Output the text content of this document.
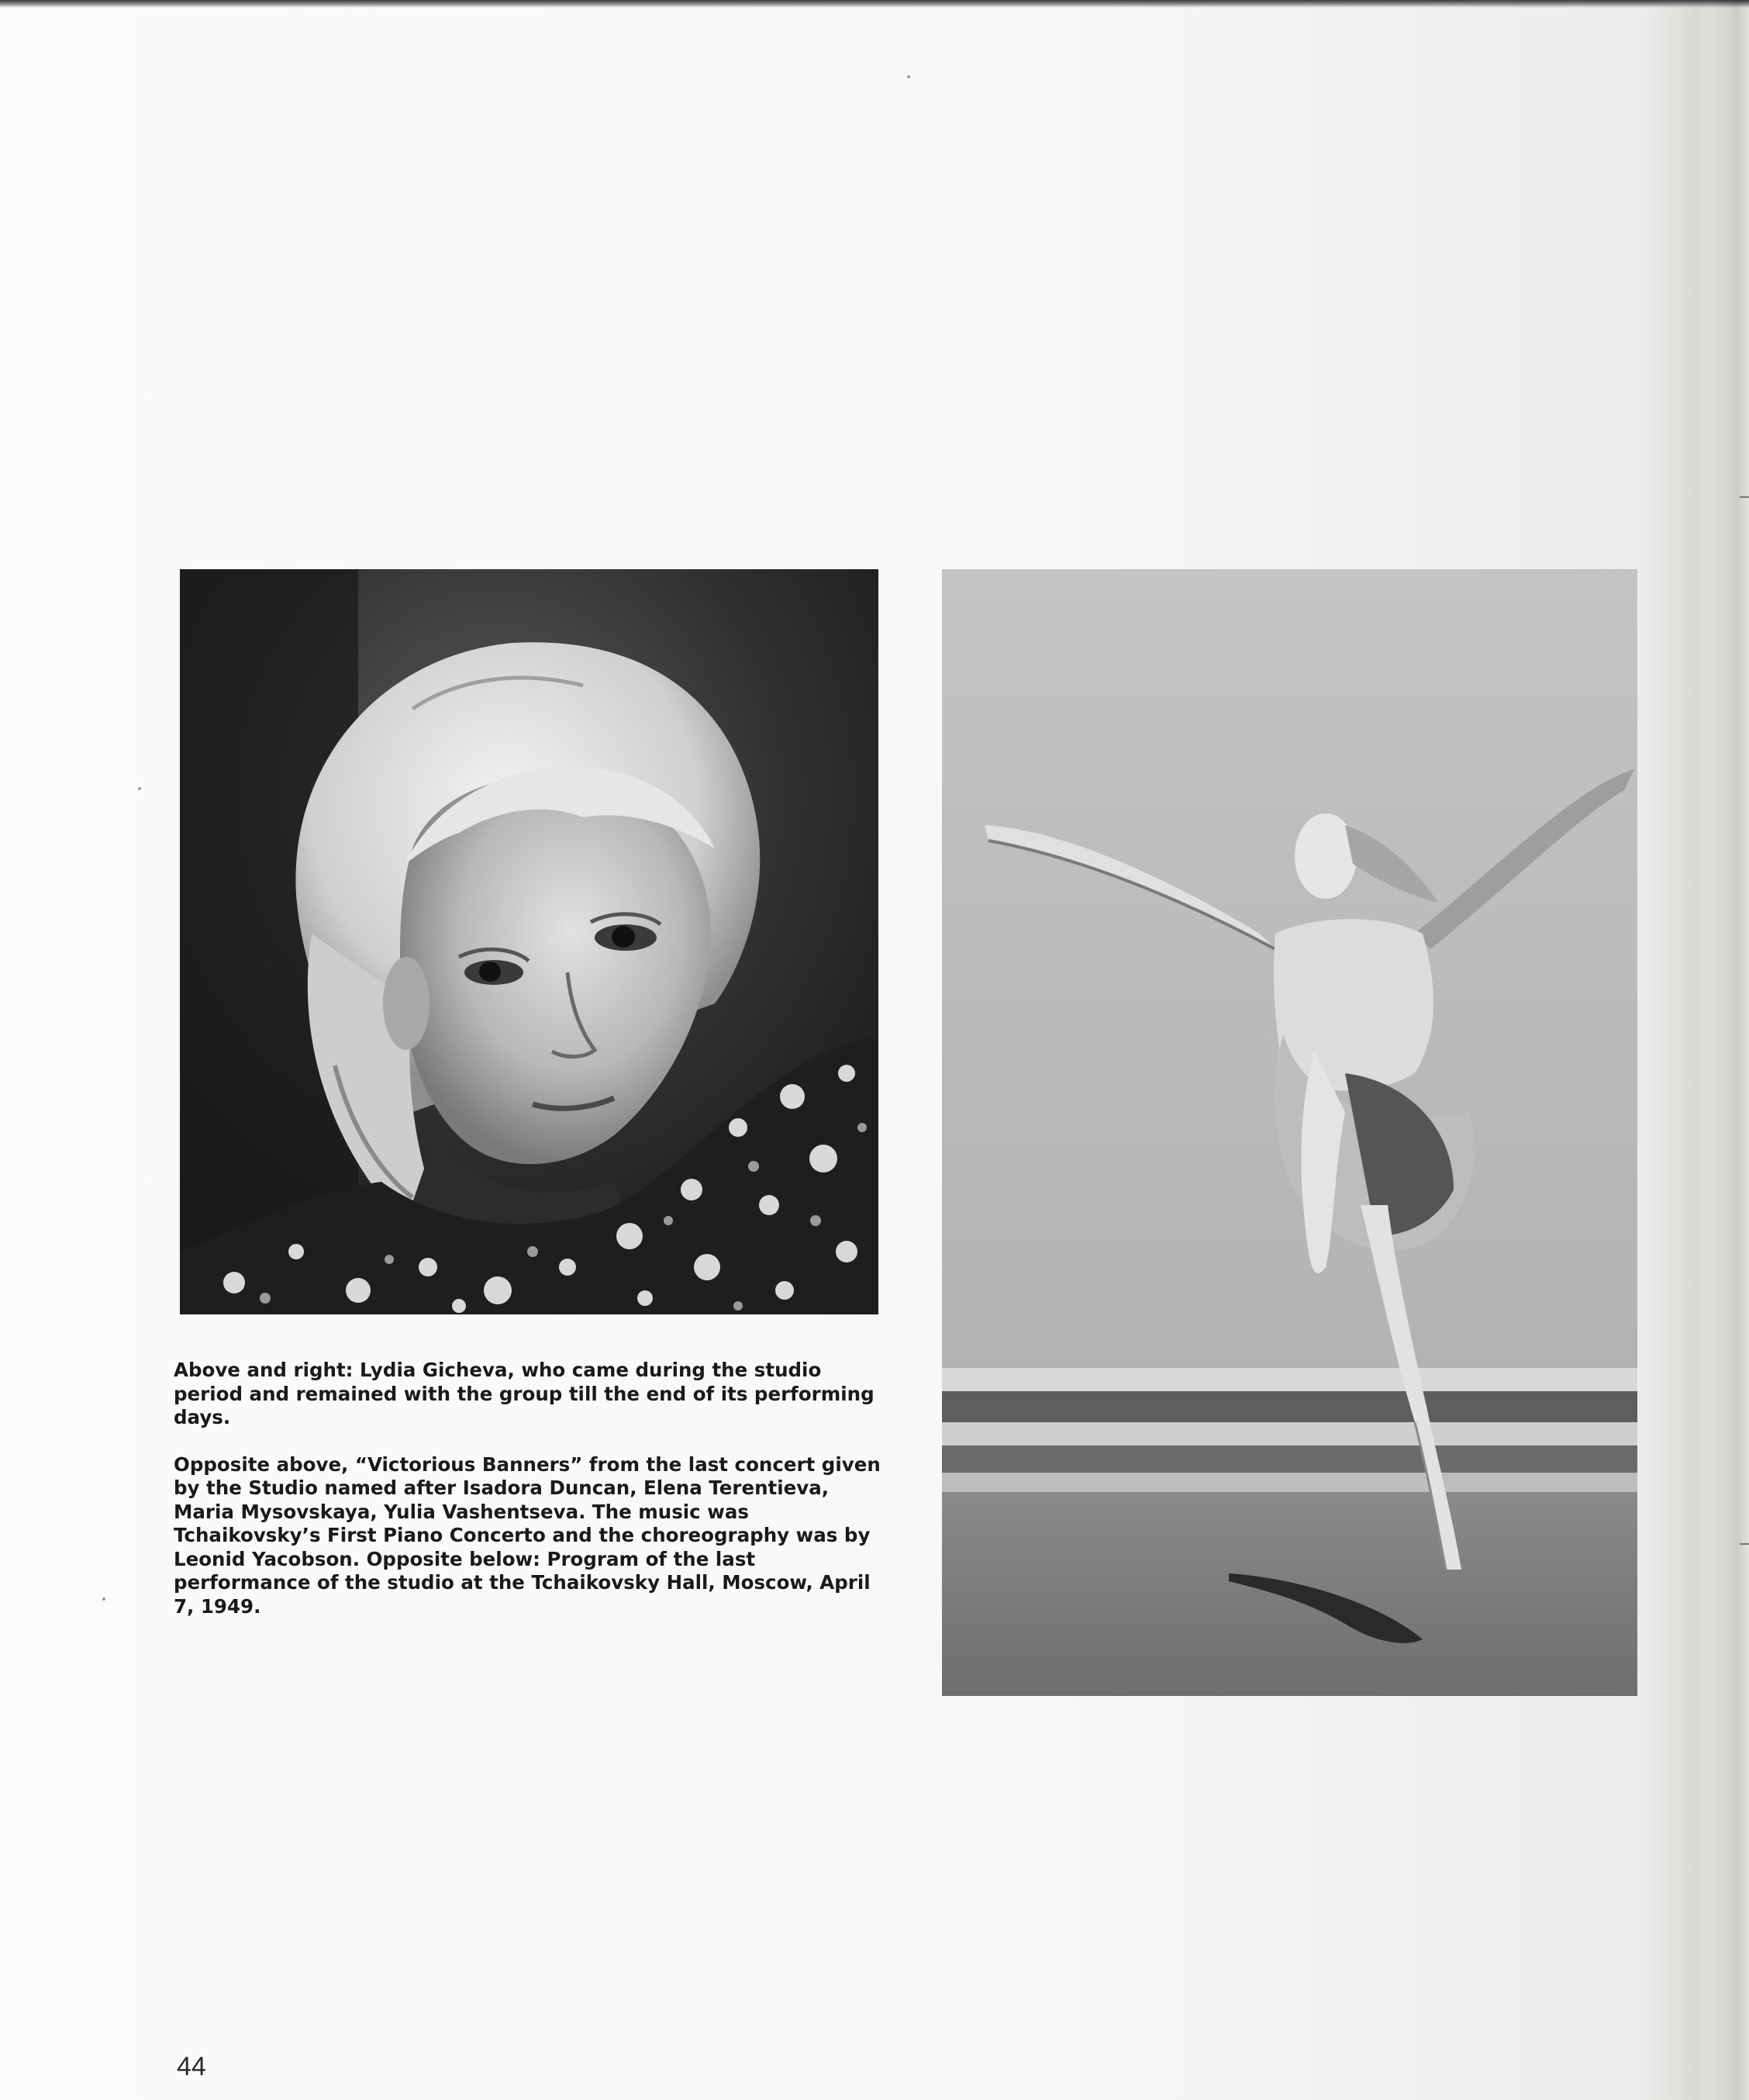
Above and right: Lydia Gicheva, who came during the studio period and remained with the group till the end of its performing days.

Opposite above, “Victorious Banners” from the last concert given by the Studio named after Isadora Duncan, Elena Terentieva, Maria Mysovskaya, Yulia Vashentseva. The music was Tchaikovsky’s First Piano Concerto and the choreography was by Leonid Yacobson. Opposite below: Program of the last performance of the studio at the Tchaikovsky Hall, Moscow, April 7, 1949.

44
